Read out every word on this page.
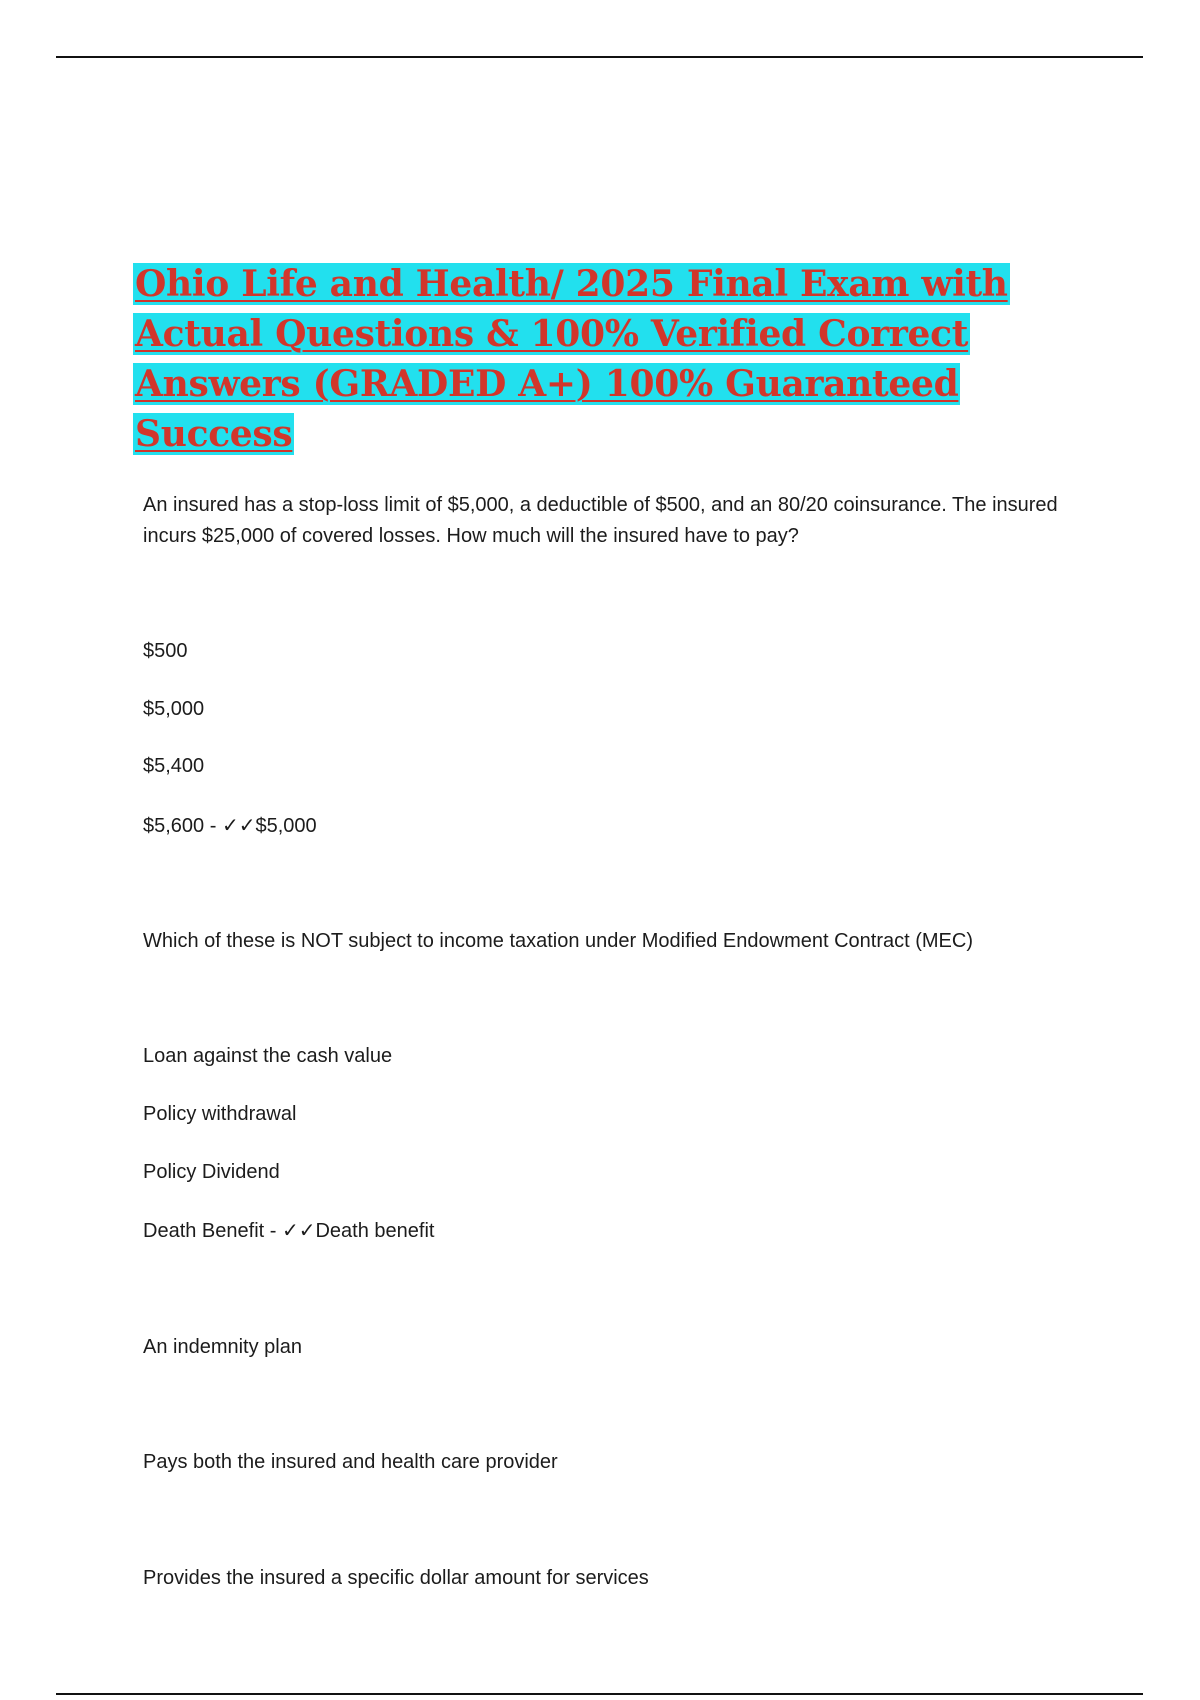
Ohio Life and Health/ 2025 Final Exam with
Actual Questions & 100% Verified Correct
Answers (GRADED A+) 100% Guaranteed
Success
An insured has a stop-loss limit of $5,000, a deductible of $500, and an 80/20 coinsurance. The insured incurs $25,000 of covered losses. How much will the insured have to pay?
$500
$5,000
$5,400
$5,600 - ✓✓$5,000
Which of these is NOT subject to income taxation under Modified Endowment Contract (MEC)
Loan against the cash value
Policy withdrawal
Policy Dividend
Death Benefit - ✓✓Death benefit
An indemnity plan
Pays both the insured and health care provider
Provides the insured a specific dollar amount for services
